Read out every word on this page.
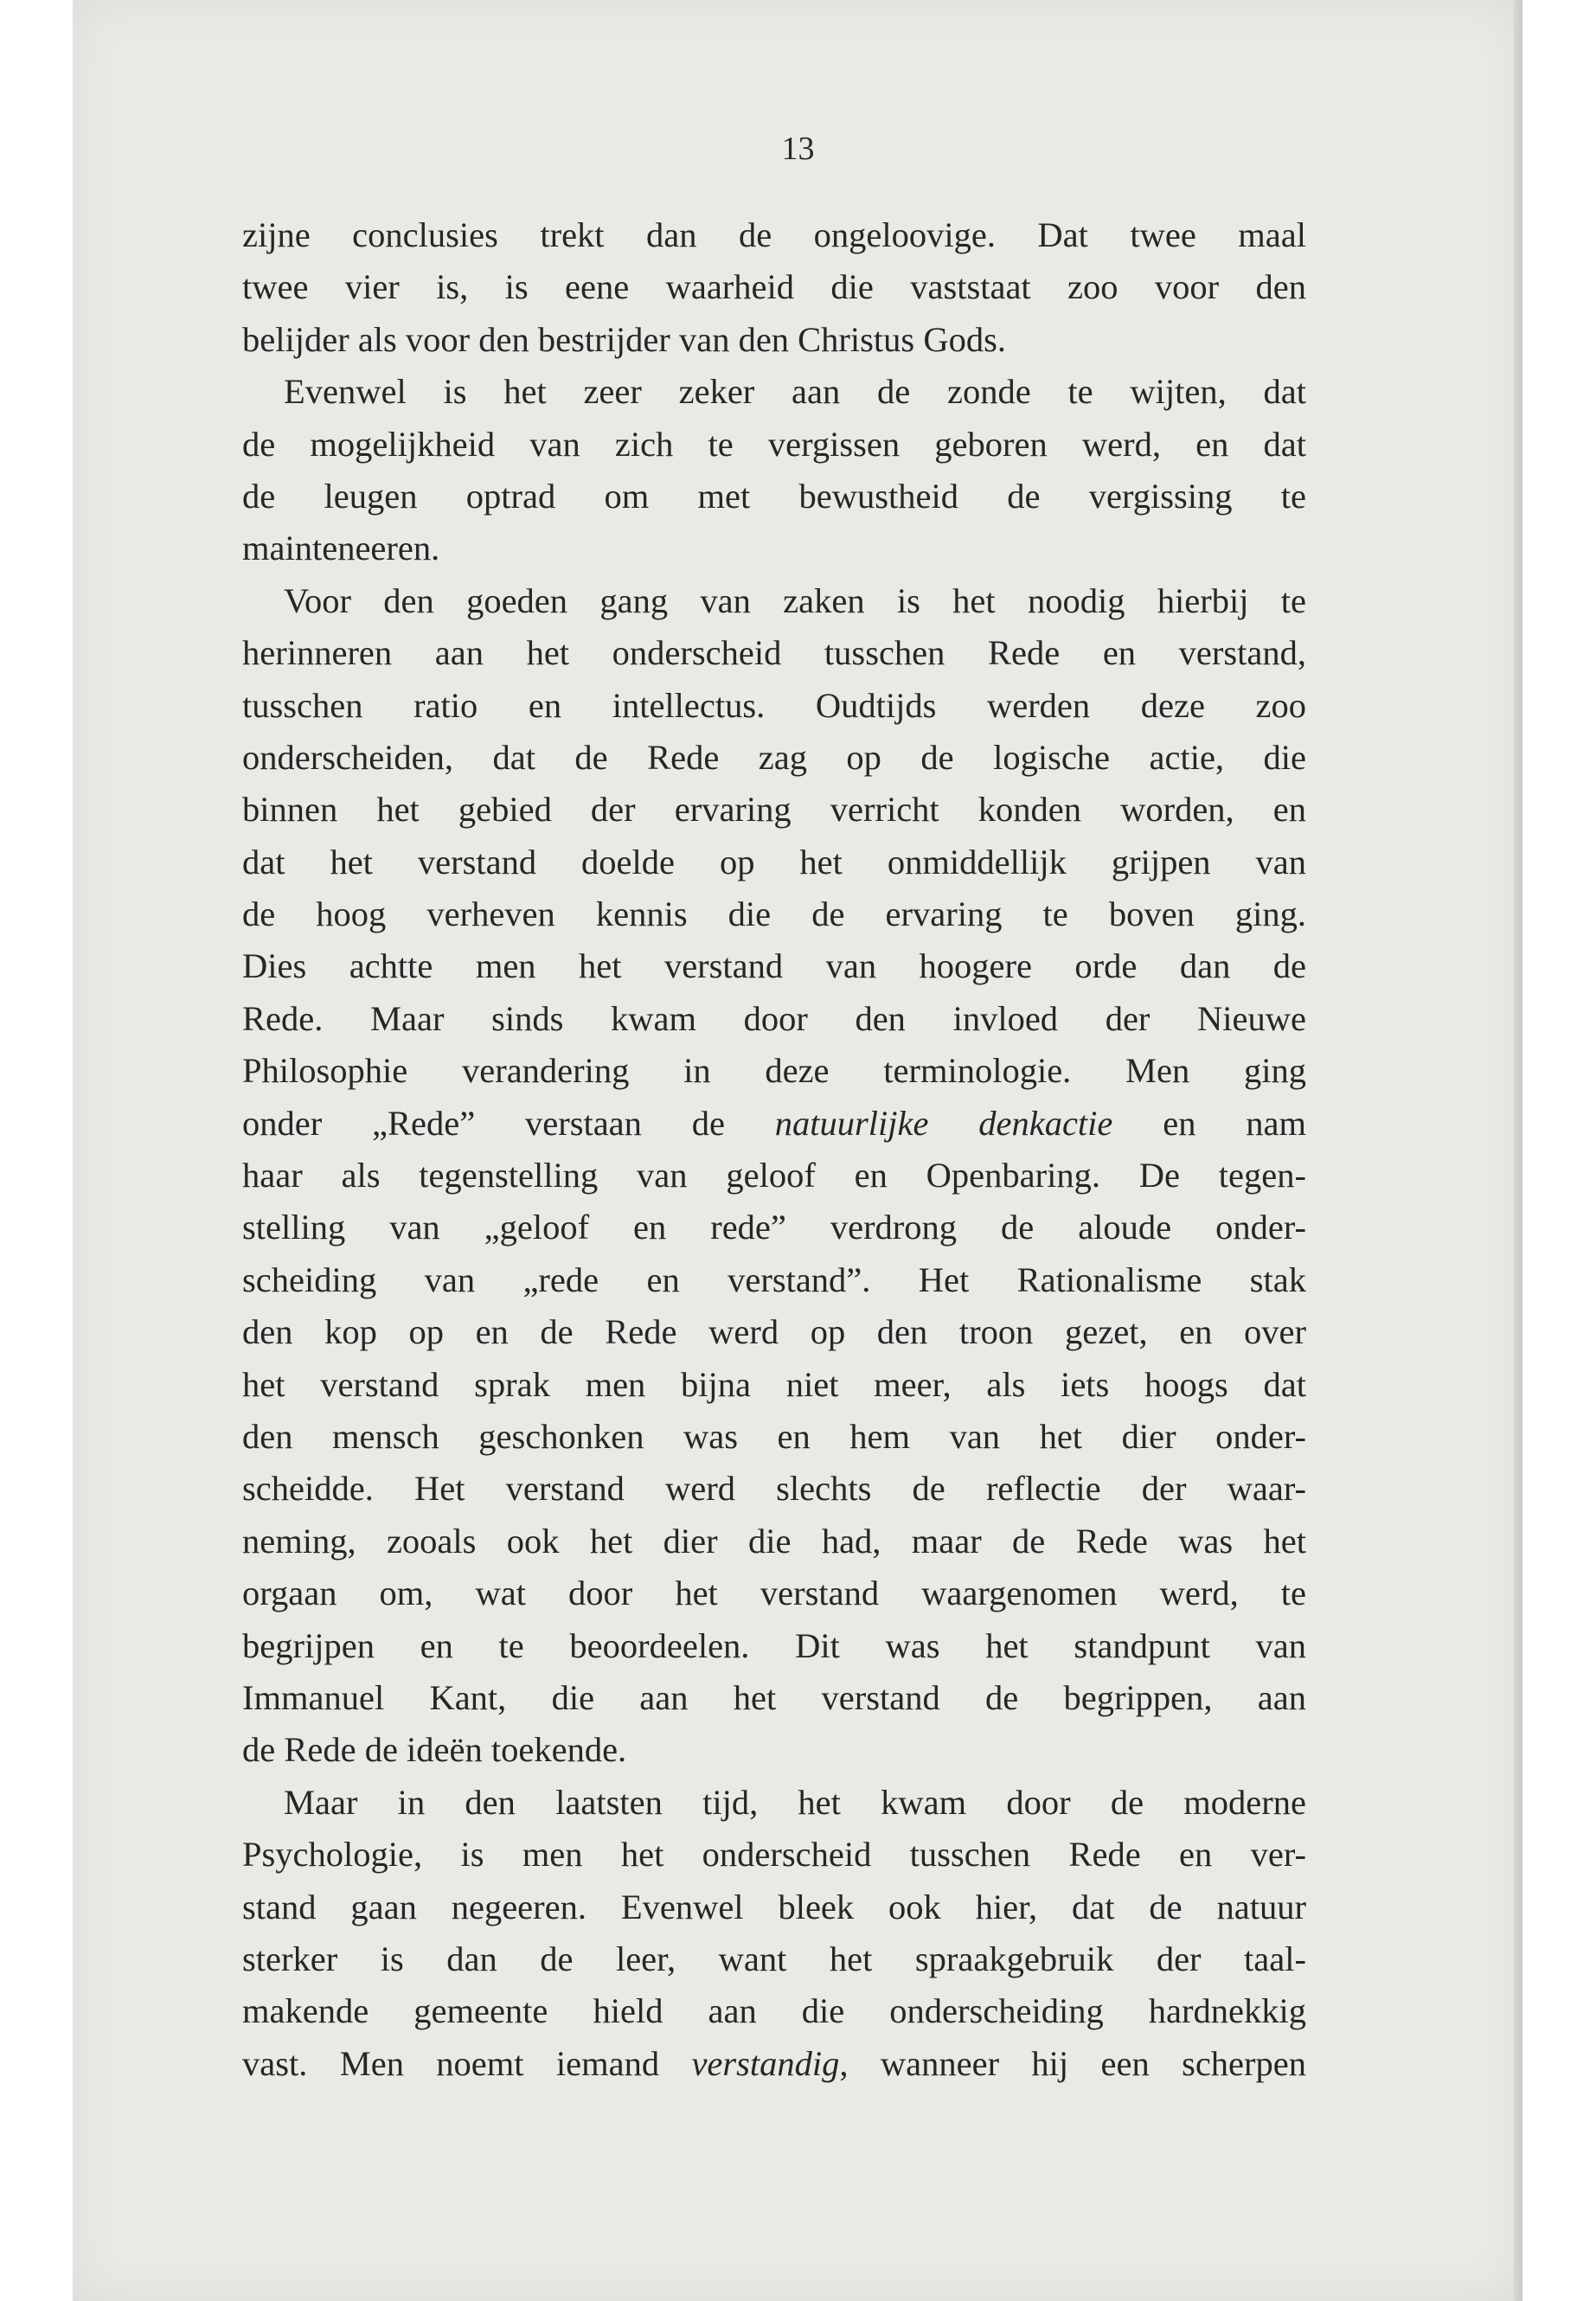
13
zijne conclusies trekt dan de ongeloovige. Dat twee maal
twee vier is, is eene waarheid die vaststaat zoo voor den
belijder als voor den bestrijder van den Christus Gods.
Evenwel is het zeer zeker aan de zonde te wijten, dat
de mogelijkheid van zich te vergissen geboren werd, en dat
de leugen optrad om met bewustheid de vergissing te
mainteneeren.
Voor den goeden gang van zaken is het noodig hierbij te
herinneren aan het onderscheid tusschen Rede en verstand,
tusschen ratio en intellectus. Oudtijds werden deze zoo
onderscheiden, dat de Rede zag op de logische actie, die
binnen het gebied der ervaring verricht konden worden, en
dat het verstand doelde op het onmiddellijk grijpen van
de hoog verheven kennis die de ervaring te boven ging.
Dies achtte men het verstand van hoogere orde dan de
Rede. Maar sinds kwam door den invloed der Nieuwe
Philosophie verandering in deze terminologie. Men ging
onder „Rede” verstaan de natuurlijke denkactie en nam
haar als tegenstelling van geloof en Openbaring. De tegen-
stelling van „geloof en rede” verdrong de aloude onder-
scheiding van „rede en verstand”. Het Rationalisme stak
den kop op en de Rede werd op den troon gezet, en over
het verstand sprak men bijna niet meer, als iets hoogs dat
den mensch geschonken was en hem van het dier onder-
scheidde. Het verstand werd slechts de reflectie der waar-
neming, zooals ook het dier die had, maar de Rede was het
orgaan om, wat door het verstand waargenomen werd, te
begrijpen en te beoordeelen. Dit was het standpunt van
Immanuel Kant, die aan het verstand de begrippen, aan
de Rede de ideën toekende.
Maar in den laatsten tijd, het kwam door de moderne
Psychologie, is men het onderscheid tusschen Rede en ver-
stand gaan negeeren. Evenwel bleek ook hier, dat de natuur
sterker is dan de leer, want het spraakgebruik der taal-
makende gemeente hield aan die onderscheiding hardnekkig
vast. Men noemt iemand verstandig, wanneer hij een scherpen
